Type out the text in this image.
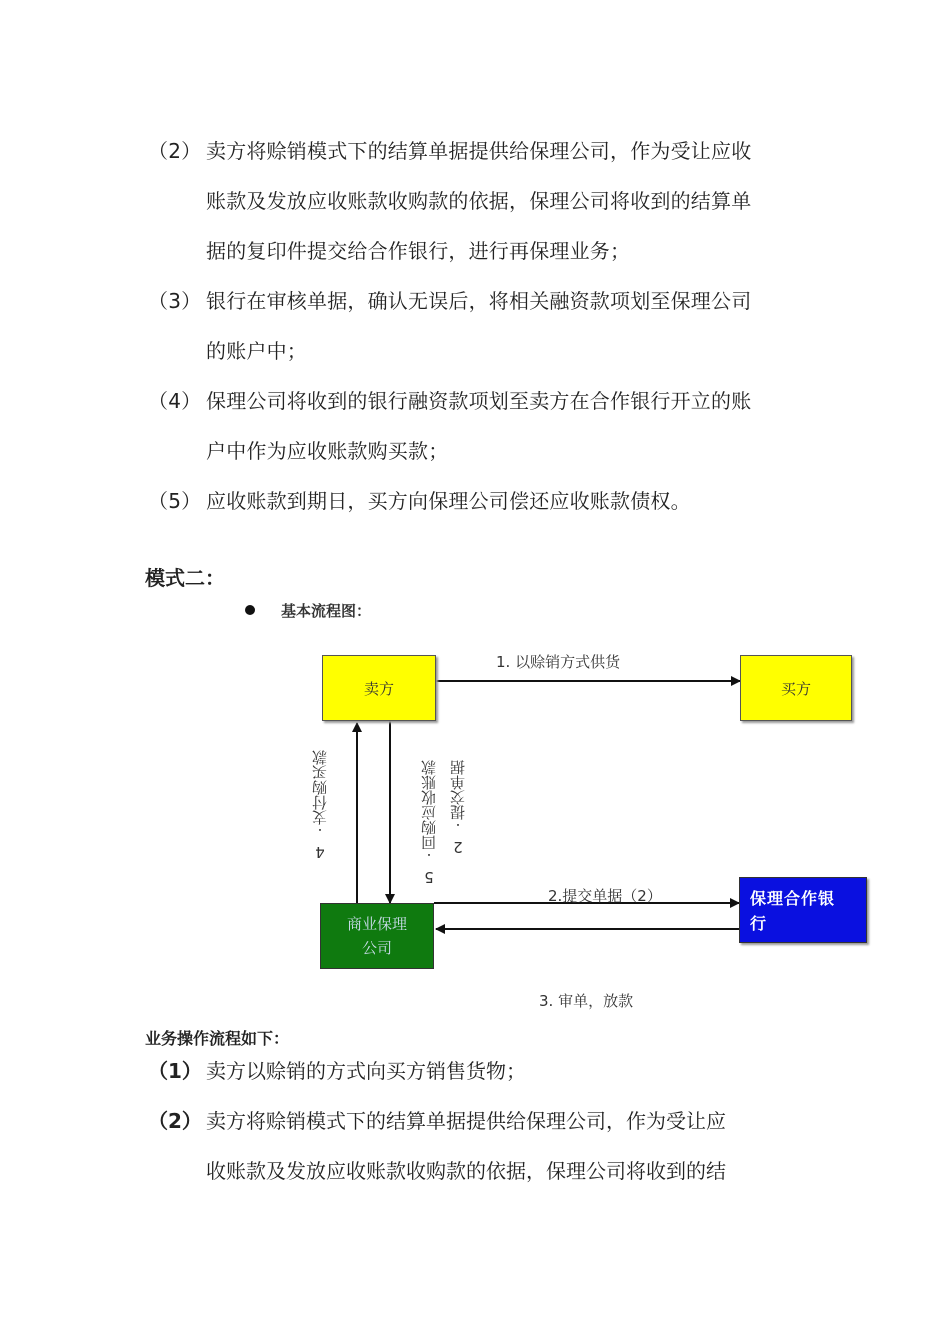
（2） 卖方将赊销模式下的结算单据提供给保理公司，作为受让应收
账款及发放应收账款收购款的依据，保理公司将收到的结算单
据的复印件提交给合作银行，进行再保理业务；
（3） 银行在审核单据，确认无误后，将相关融资款项划至保理公司
的账户中；
（4） 保理公司将收到的银行融资款项划至卖方在合作银行开立的账
户中作为应收账款购买款；
（5） 应收账款到期日，买方向保理公司偿还应收账款债权。
模式二：
基本流程图：
卖方	买方
商业保理
公司
保理合作银
行
1. 以赊销方式供货
2.提交单据（2）
3. 审单，放款
4.支付购买款	5.回购应收账款 2.提交单据
业务操作流程如下：
（1） 卖方以赊销的方式向买方销售货物；
（2） 卖方将赊销模式下的结算单据提供给保理公司，作为受让应
收账款及发放应收账款收购款的依据，保理公司将收到的结
